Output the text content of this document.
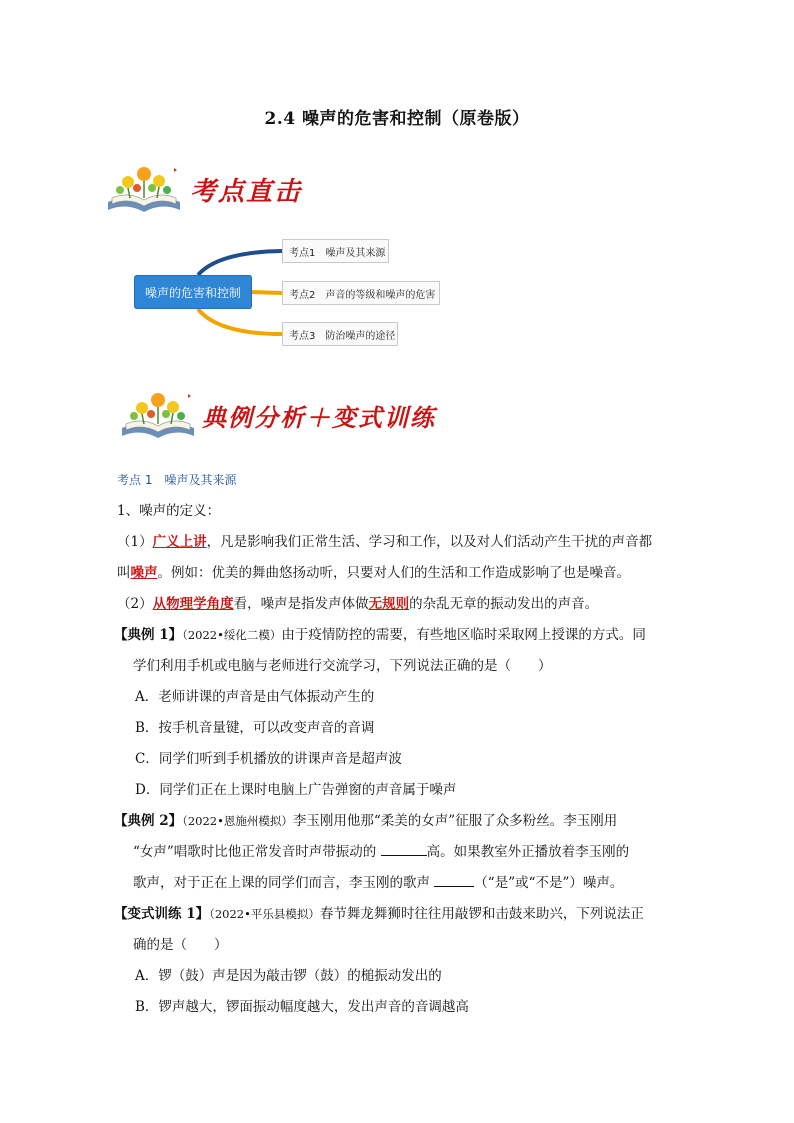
2.4 噪声的危害和控制（原卷版）
考点直击
噪声的危害和控制
考点1 噪声及其来源
考点2 声音的等级和噪声的危害
考点3 防治噪声的途径
典例分析＋变式训练
考点 1 噪声及其来源
1、噪声的定义：
（1）广义上讲，凡是影响我们正常生活、学习和工作，以及对人们活动产生干扰的声音都
叫噪声。例如：优美的舞曲悠扬动听，只要对人们的生活和工作造成影响了也是噪音。
（2）从物理学角度看，噪声是指发声体做无规则的杂乱无章的振动发出的声音。
【典例 1】（2022•绥化二模）由于疫情防控的需要，有些地区临时采取网上授课的方式。同
学们利用手机或电脑与老师进行交流学习，下列说法正确的是（　　）
A．老师讲课的声音是由气体振动产生的
B．按手机音量键，可以改变声音的音调
C．同学们听到手机播放的讲课声音是超声波
D．同学们正在上课时电脑上广告弹窗的声音属于噪声
【典例 2】（2022•恩施州模拟）李玉刚用他那“柔美的女声”征服了众多粉丝。李玉刚用
“女声”唱歌时比他正常发音时声带振动的	高。如果教室外正播放着李玉刚的
歌声，对于正在上课的同学们而言，李玉刚的歌声	（“是”或“不是”）噪声。
【变式训练 1】（2022•平乐县模拟）春节舞龙舞狮时往往用敲锣和击鼓来助兴，下列说法正
确的是（　　）
A．锣（鼓）声是因为敲击锣（鼓）的槌振动发出的
B．锣声越大，锣面振动幅度越大，发出声音的音调越高
